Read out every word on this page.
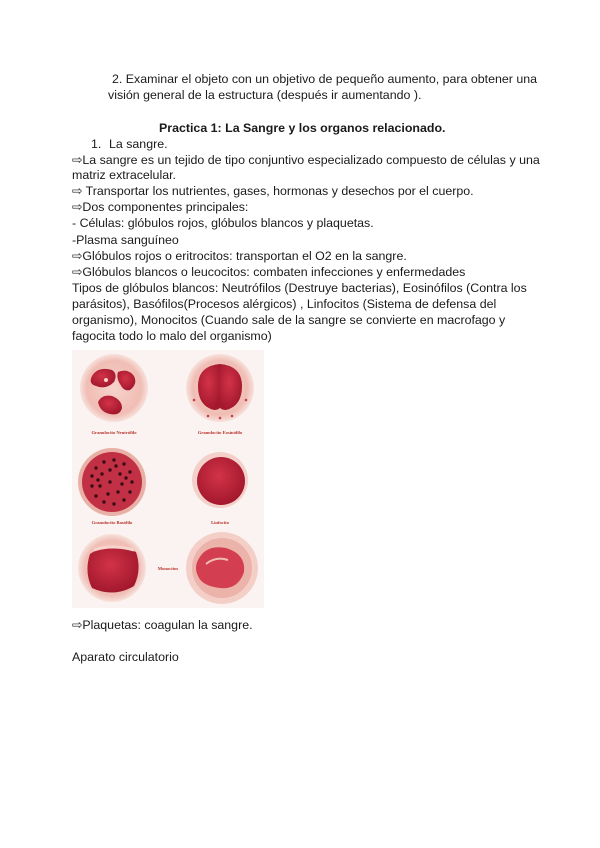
2. Examinar el objeto con un objetivo de pequeño aumento, para obtener una
visión general de la estructura (después ir aumentando ).
Practica 1: La Sangre y los organos relacionado.
1. La sangre.
⇨La sangre es un tejido de tipo conjuntivo especializado compuesto de células y una
matriz extracelular.
⇨ Transportar los nutrientes, gases, hormonas y desechos por el cuerpo.
⇨Dos componentes principales:
- Células: glóbulos rojos, glóbulos blancos y plaquetas.
-Plasma sanguíneo
⇨Glóbulos rojos o eritrocitos: transportan el O2 en la sangre.
⇨Glóbulos blancos o leucocitos: combaten infecciones y enfermedades
Tipos de glóbulos blancos: Neutrófilos (Destruye bacterias), Eosinófilos (Contra los
parásitos), Basófilos(Procesos alérgicos) , Linfocitos (Sistema de defensa del
organismo), Monocitos (Cuando sale de la sangre se convierte en macrofago y
fagocita todo lo malo del organismo)
Granulocito Neutrófilo	Granulocito Eosinófilo
Granulocito Basófilo	Linfocito
Monocitos
⇨Plaquetas: coagulan la sangre.
Aparato circulatorio
